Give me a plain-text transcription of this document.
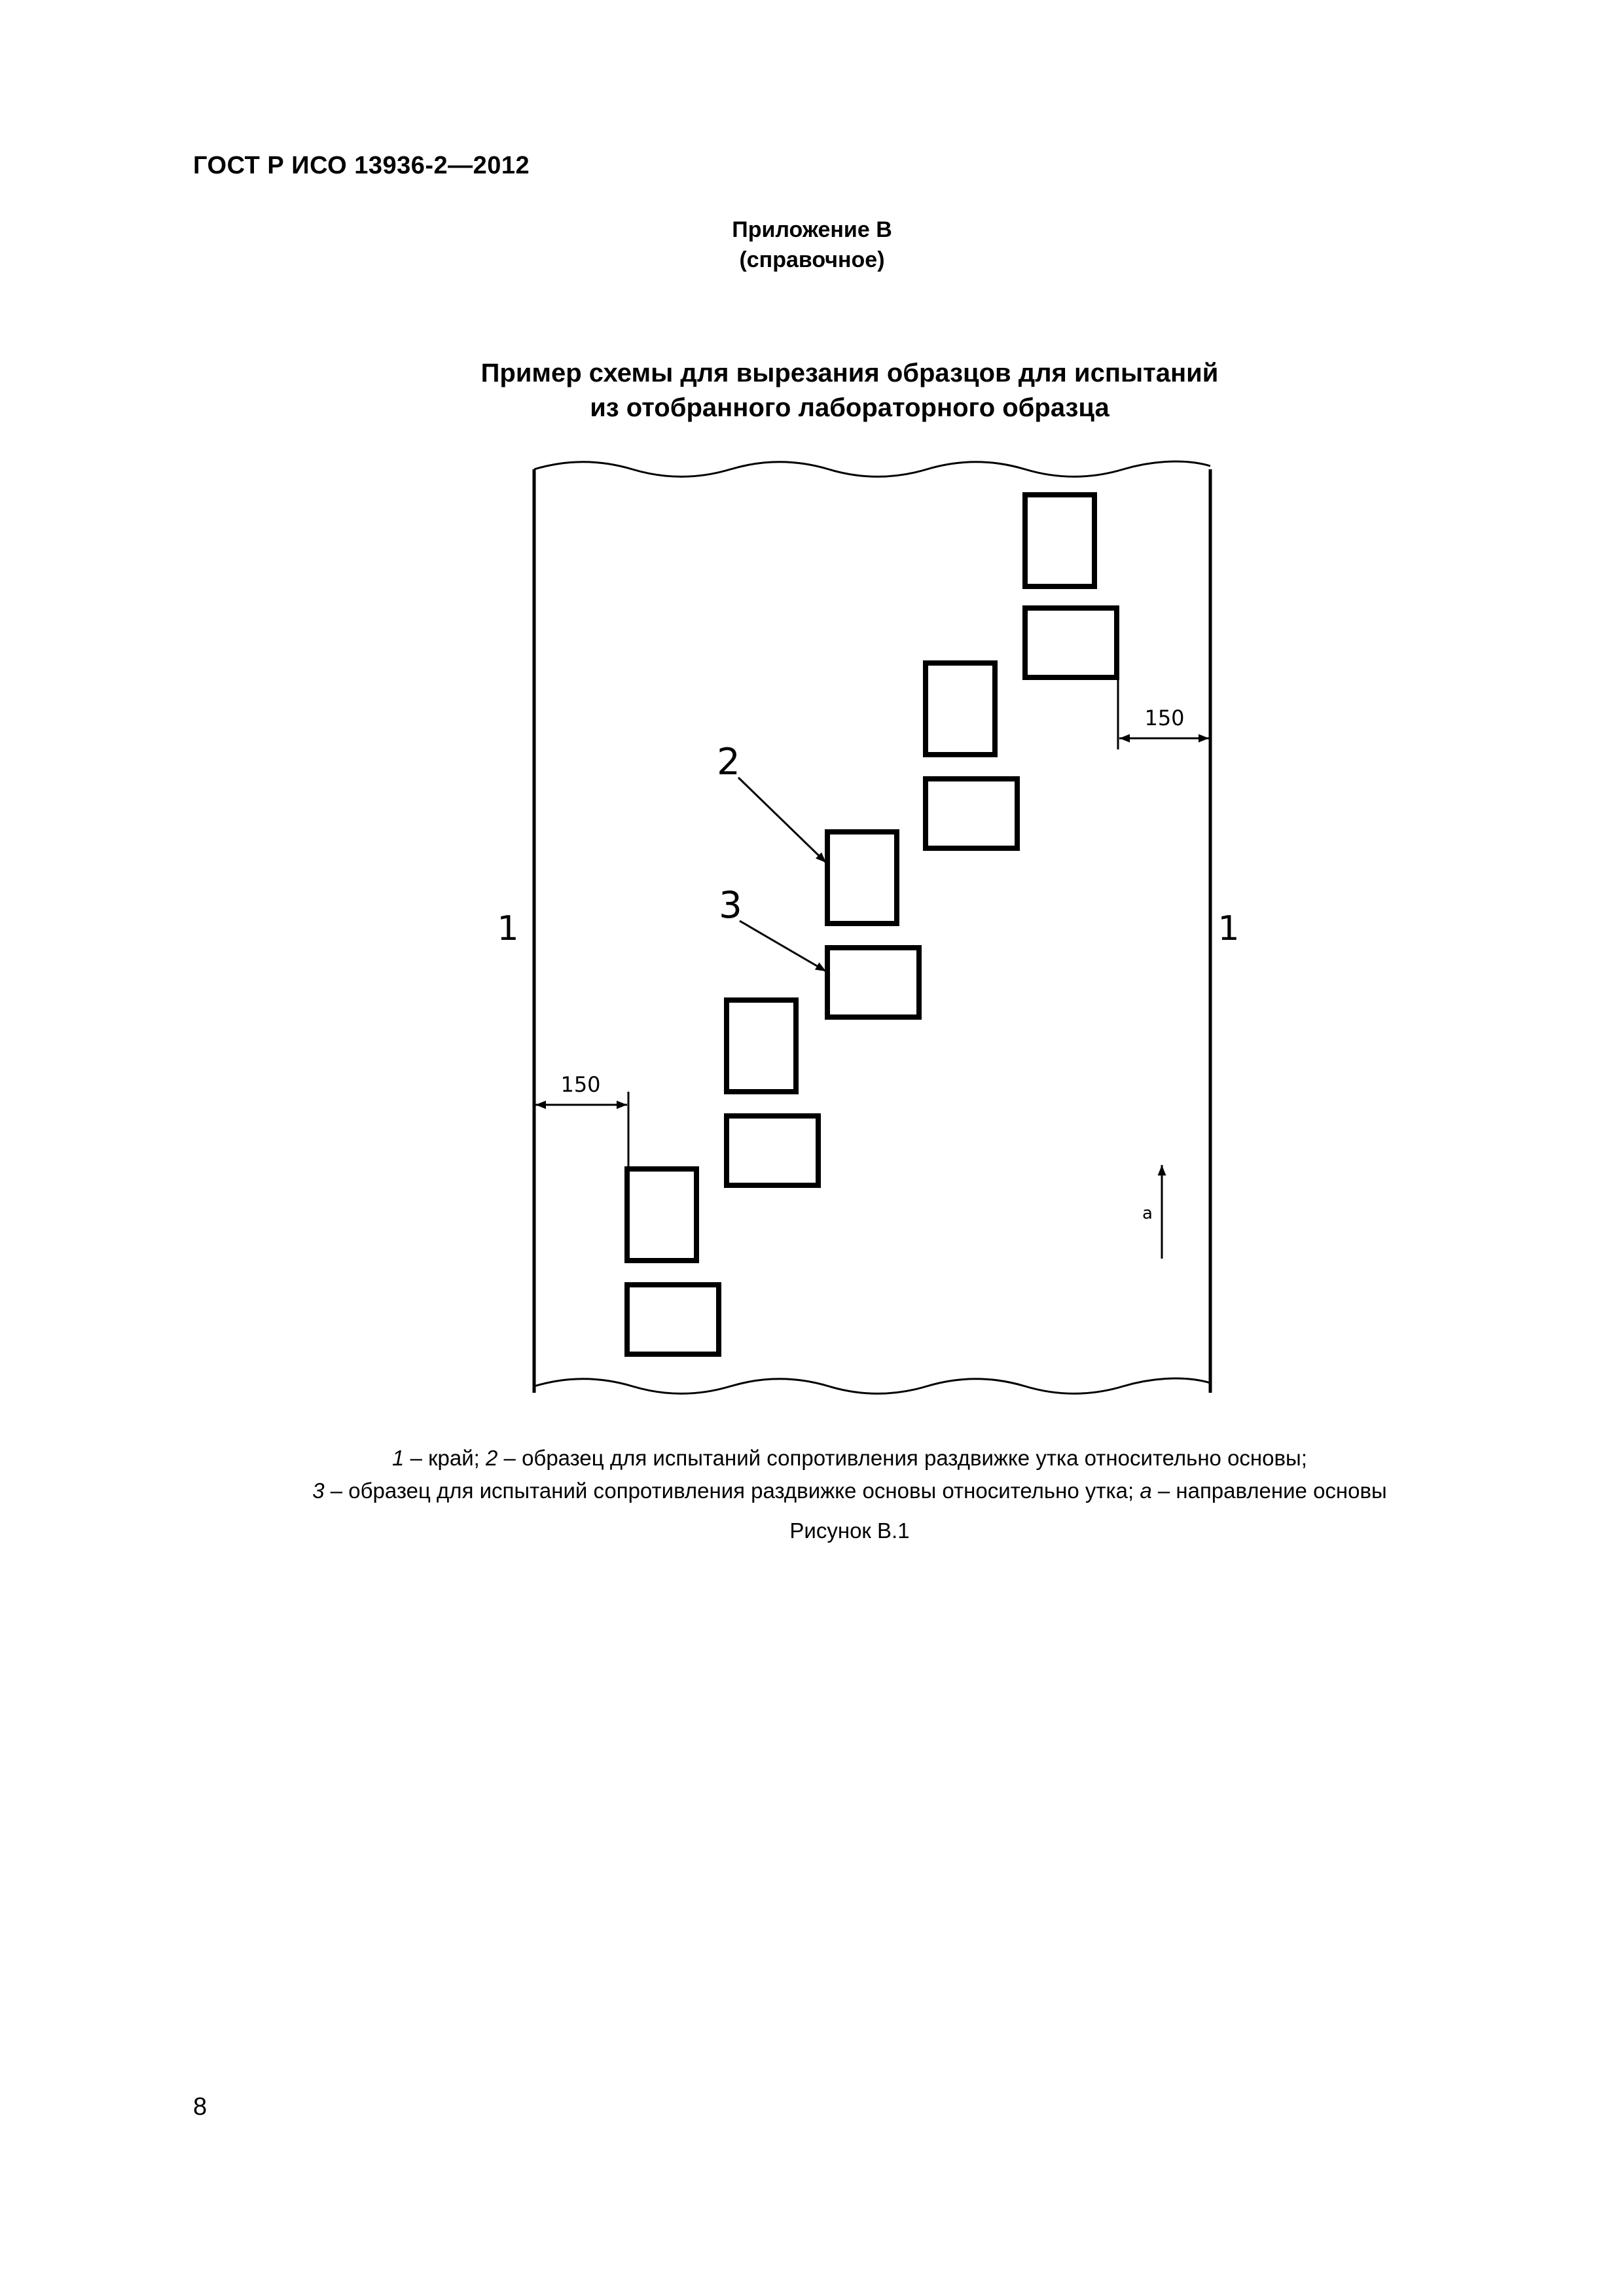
ГОСТ Р ИСО 13936-2—2012
Приложение В
(справочное)
Пример схемы для вырезания образцов для испытаний
из отобранного лабораторного образца
1	1
2
3
150
150
a
1 – край; 2 – образец для испытаний сопротивления раздвижке утка относительно основы;
3 – образец для испытаний сопротивления раздвижке основы относительно утка; а – направление основы
Рисунок В.1
8
